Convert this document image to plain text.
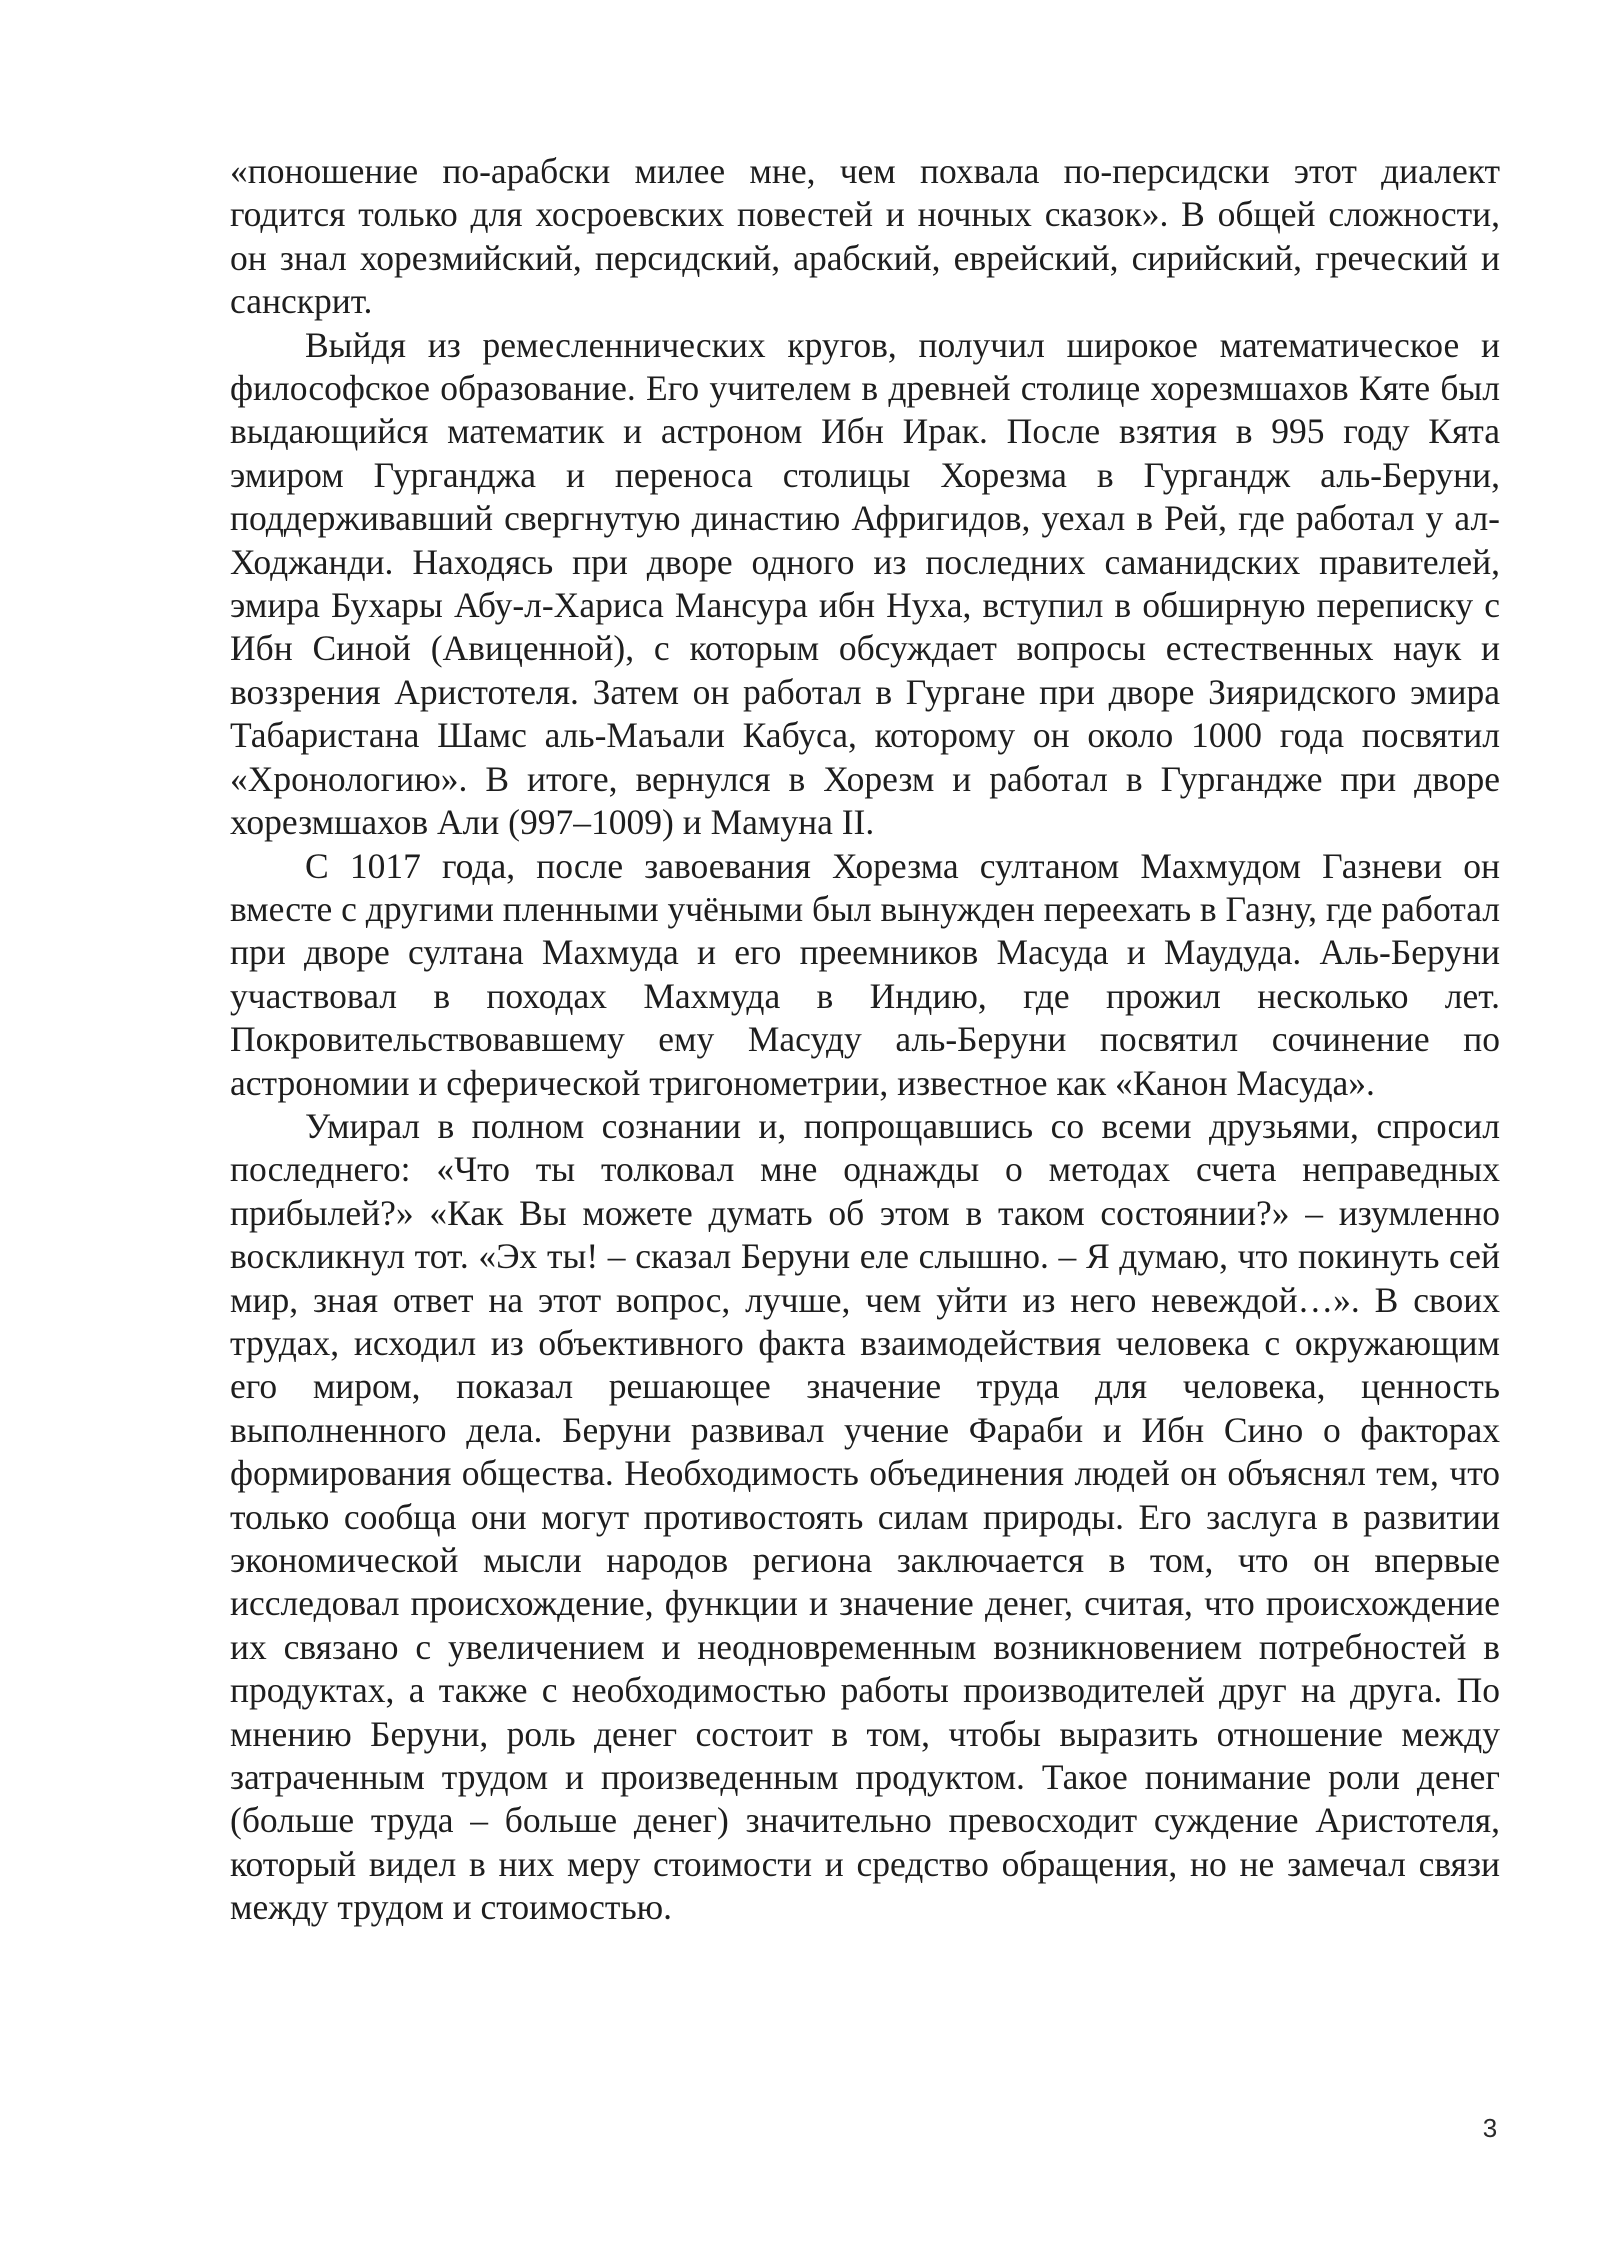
«поношение по-арабски милее мне, чем похвала по-персидски этот диалект годится только для хосроевских повестей и ночных сказок». В общей сложности, он знал хорезмийский, персидский, арабский, еврейский, сирийский, греческий и санскрит.

Выйдя из ремесленнических кругов, получил широкое математическое и философское образование. Его учителем в древней столице хорезмшахов Кяте был выдающийся математик и астроном Ибн Ирак. После взятия в 995 году Кята эмиром Гурганджа и переноса столицы Хорезма в Гургандж аль-Беруни, поддерживавший свергнутую династию Афригидов, уехал в Рей, где работал у ал-Ходжанди. Находясь при дворе одного из последних саманидских правителей, эмира Бухары Абу-л-Хариса Мансура ибн Нуха, вступил в обширную переписку с Ибн Синой (Авиценной), с которым обсуждает вопросы естественных наук и воззрения Аристотеля. Затем он работал в Гургане при дворе Зияридского эмира Табаристана Шамс аль-Маъали Кабуса, которому он около 1000 года посвятил «Хронологию». В итоге, вернулся в Хорезм и работал в Гургандже при дворе хорезмшахов Али (997–1009) и Мамуна II.

С 1017 года, после завоевания Хорезма султаном Махмудом Газневи он вместе с другими пленными учёными был вынужден переехать в Газну, где работал при дворе султана Махмуда и его преемников Масуда и Маудуда. Аль-Беруни участвовал в походах Махмуда в Индию, где прожил несколько лет. Покровительствовавшему ему Масуду аль-Беруни посвятил сочинение по астрономии и сферической тригонометрии, известное как «Канон Масуда».

Умирал в полном сознании и, попрощавшись со всеми друзьями, спросил последнего: «Что ты толковал мне однажды о методах счета неправедных прибылей?» «Как Вы можете думать об этом в таком состоянии?» – изумленно воскликнул тот. «Эх ты! – сказал Беруни еле слышно. – Я думаю, что покинуть сей мир, зная ответ на этот вопрос, лучше, чем уйти из него невеждой…». В своих трудах, исходил из объективного факта взаимодействия человека с окружающим его миром, показал решающее значение труда для человека, ценность выполненного дела. Беруни развивал учение Фараби и Ибн Сино о факторах формирования общества. Необходимость объединения людей он объяснял тем, что только сообща они могут противостоять силам природы. Его заслуга в развитии экономической мысли народов региона заключается в том, что он впервые исследовал происхождение, функции и значение денег, считая, что происхождение их связано с увеличением и неодновременным возникновением потребностей в продуктах, а также с необходимостью работы производителей друг на друга. По мнению Беруни, роль денег состоит в том, чтобы выразить отношение между затраченным трудом и произведенным продуктом. Такое понимание роли денег (больше труда – больше денег) значительно превосходит суждение Аристотеля, который видел в них меру стоимости и средство обращения, но не замечал связи между трудом и стоимостью.

3
